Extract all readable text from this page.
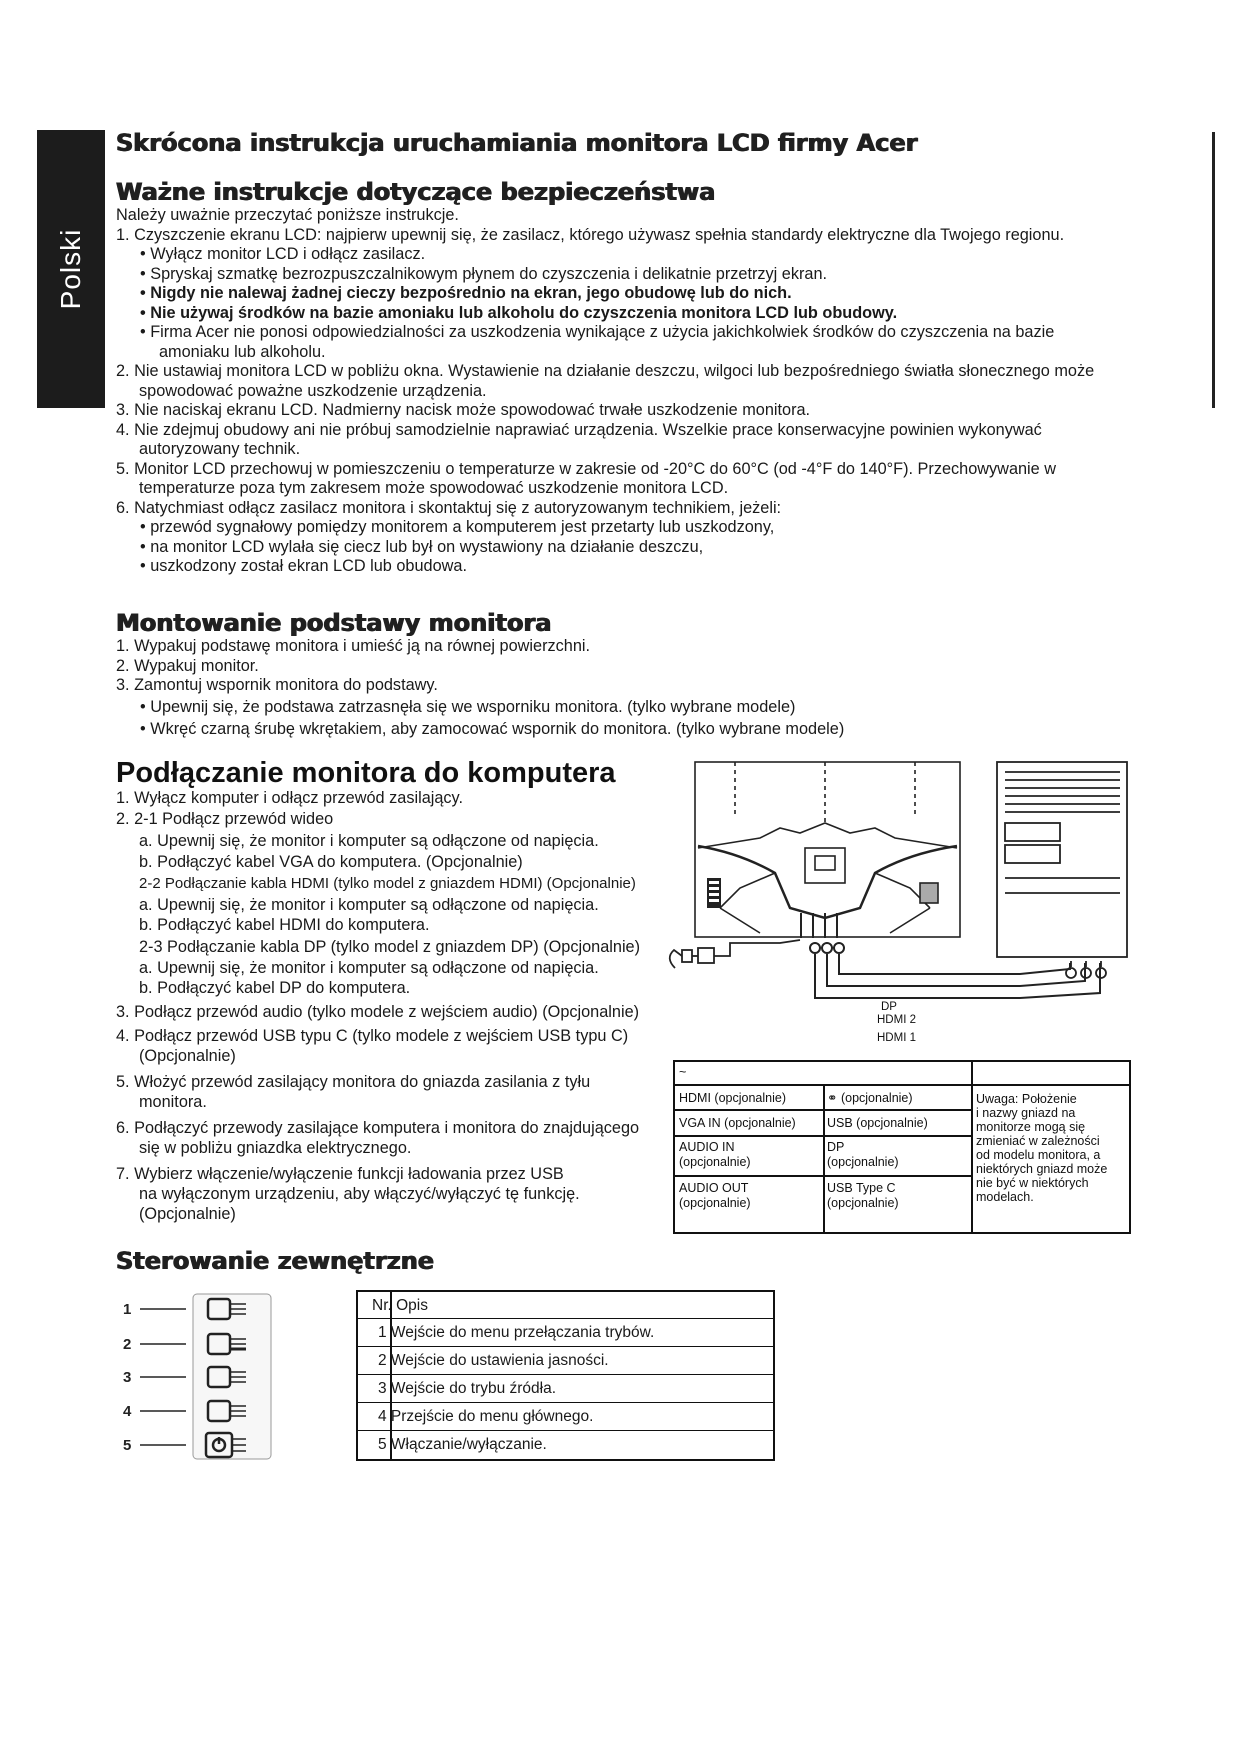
Polski
Skrócona instrukcja uruchamiania monitora LCD firmy Acer
Ważne instrukcje dotyczące bezpieczeństwa
Należy uważnie przeczytać poniższe instrukcje.
1. Czyszczenie ekranu LCD: najpierw upewnij się, że zasilacz, którego używasz spełnia standardy elektryczne dla Twojego regionu.
• Wyłącz monitor LCD i odłącz zasilacz.
• Spryskaj szmatkę bezrozpuszczalnikowym płynem do czyszczenia i delikatnie przetrzyj ekran.
• Nigdy nie nalewaj żadnej cieczy bezpośrednio na ekran, jego obudowę lub do nich.
• Nie używaj środków na bazie amoniaku lub alkoholu do czyszczenia monitora LCD lub obudowy.
• Firma Acer nie ponosi odpowiedzialności za uszkodzenia wynikające z użycia jakichkolwiek środków do czyszczenia na bazie
amoniaku lub alkoholu.
2. Nie ustawiaj monitora LCD w pobliżu okna. Wystawienie na działanie deszczu, wilgoci lub bezpośredniego światła słonecznego może
spowodować poważne uszkodzenie urządzenia.
3. Nie naciskaj ekranu LCD. Nadmierny nacisk może spowodować trwałe uszkodzenie monitora.
4. Nie zdejmuj obudowy ani nie próbuj samodzielnie naprawiać urządzenia. Wszelkie prace konserwacyjne powinien wykonywać
autoryzowany technik.
5. Monitor LCD przechowuj w pomieszczeniu o temperaturze w zakresie od -20°C do 60°C (od -4°F do 140°F). Przechowywanie w
temperaturze poza tym zakresem może spowodować uszkodzenie monitora LCD.
6. Natychmiast odłącz zasilacz monitora i skontaktuj się z autoryzowanym technikiem, jeżeli:
• przewód sygnałowy pomiędzy monitorem a komputerem jest przetarty lub uszkodzony,
• na monitor LCD wylała się ciecz lub był on wystawiony na działanie deszczu,
• uszkodzony został ekran LCD lub obudowa.
Montowanie podstawy monitora
1. Wypakuj podstawę monitora i umieść ją na równej powierzchni.
2. Wypakuj monitor.
3. Zamontuj wspornik monitora do podstawy.
• Upewnij się, że podstawa zatrzasnęła się we wsporniku monitora. (tylko wybrane modele)
• Wkręć czarną śrubę wkrętakiem, aby zamocować wspornik do monitora. (tylko wybrane modele)
Podłączanie monitora do komputera
1. Wyłącz komputer i odłącz przewód zasilający.
2. 2-1 Podłącz przewód wideo
a. Upewnij się, że monitor i komputer są odłączone od napięcia.
b. Podłączyć kabel VGA do komputera. (Opcjonalnie)
2-2 Podłączanie kabla HDMI (tylko model z gniazdem HDMI) (Opcjonalnie)
a. Upewnij się, że monitor i komputer są odłączone od napięcia.
b. Podłączyć kabel HDMI do komputera.
2-3 Podłączanie kabla DP (tylko model z gniazdem DP) (Opcjonalnie)
a. Upewnij się, że monitor i komputer są odłączone od napięcia.
b. Podłączyć kabel DP do komputera.
3. Podłącz przewód audio (tylko modele z wejściem audio) (Opcjonalnie)
4. Podłącz przewód USB typu C (tylko modele z wejściem USB typu C)
(Opcjonalnie)
5. Włożyć przewód zasilający monitora do gniazda zasilania z tyłu
monitora.
6. Podłączyć przewody zasilające komputera i monitora do znajdującego
się w pobliżu gniazdka elektrycznego.
7. Wybierz włączenie/wyłączenie funkcji ładowania przez USB
na wyłączonym urządzeniu, aby włączyć/wyłączyć tę funkcję.
(Opcjonalnie)
DP
HDMI 2
HDMI 1
~
HDMI (opcjonalnie)	⚭ (opcjonalnie)
VGA IN (opcjonalnie)	USB (opcjonalnie)
AUDIO IN
(opcjonalnie)
DP
(opcjonalnie)
AUDIO OUT
(opcjonalnie)
USB Type C
(opcjonalnie)
Uwaga: Położenie
i nazwy gniazd na
monitorze mogą się
zmieniać w zależności
od modelu monitora, a
niektórych gniazd może
nie być w niektórych
modelach.
Sterowanie zewnętrzne
1
2
3
4
5
Nr. Opis
1 Wejście do menu przełączania trybów.
2 Wejście do ustawienia jasności.
3 Wejście do trybu źródła.
4 Przejście do menu głównego.
5 Włączanie/wyłączanie.
